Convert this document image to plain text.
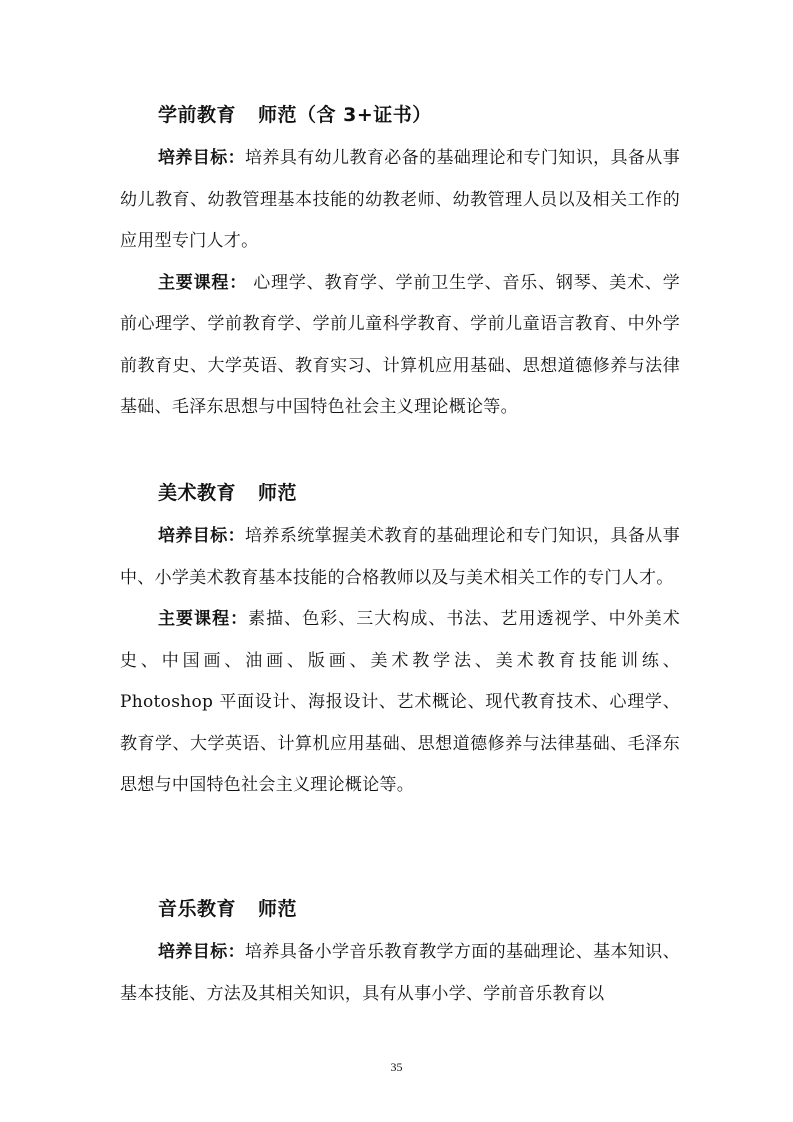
学前教育 师范（含 3+证书）

培养目标：培养具有幼儿教育必备的基础理论和专门知识，具备从事幼儿教育、幼教管理基本技能的幼教老师、幼教管理人员以及相关工作的应用型专门人才。

主要课程： 心理学、教育学、学前卫生学、音乐、钢琴、美术、学前心理学、学前教育学、学前儿童科学教育、学前儿童语言教育、中外学前教育史、大学英语、教育实习、计算机应用基础、思想道德修养与法律基础、毛泽东思想与中国特色社会主义理论概论等。

美术教育 师范

培养目标：培养系统掌握美术教育的基础理论和专门知识，具备从事中、小学美术教育基本技能的合格教师以及与美术相关工作的专门人才。

主要课程：素描、色彩、三大构成、书法、艺用透视学、中外美术史、中国画、油画、版画、美术教学法、美术教育技能训练、Photoshop 平面设计、海报设计、艺术概论、现代教育技术、心理学、教育学、大学英语、计算机应用基础、思想道德修养与法律基础、毛泽东思想与中国特色社会主义理论概论等。

音乐教育 师范

培养目标：培养具备小学音乐教育教学方面的基础理论、基本知识、基本技能、方法及其相关知识，具有从事小学、学前音乐教育以

35
